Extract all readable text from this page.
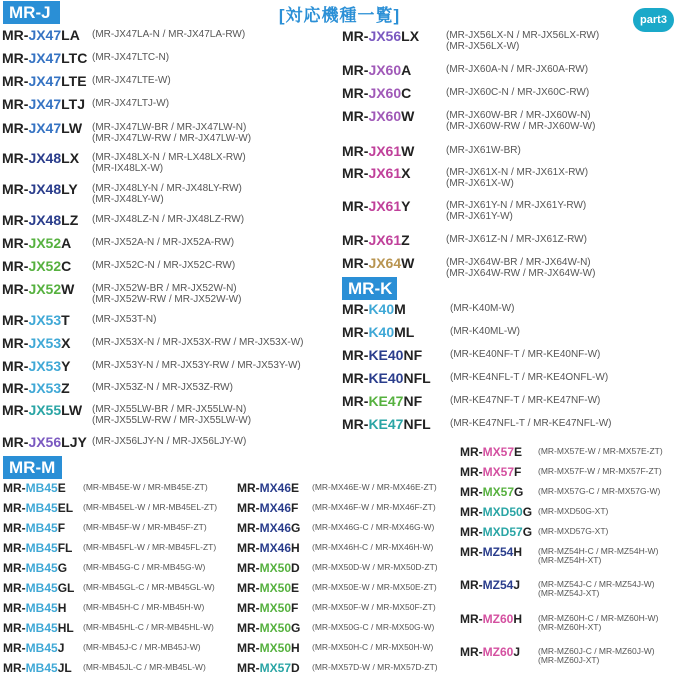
[対応機種一覧]	part3
MR-J
MR-K
MR-M
MR-JX47LA (MR-JX47LA-N / MR-JX47LA-RW)
MR-JX47LTC (MR-JX47LTC-N)
MR-JX47LTE (MR-JX47LTE-W)
MR-JX47LTJ (MR-JX47LTJ-W)
MR-JX47LW (MR-JX47LW-BR / MR-JX47LW-N)
(MR-JX47LW-RW / MR-JX47LW-W)
MR-JX48LX (MR-JX48LX-N / MR-LX48LX-RW)
(MR-IX48LX-W)
MR-JX48LY (MR-JX48LY-N / MR-JX48LY-RW)
(MR-JX48LY-W)
MR-JX48LZ (MR-JX48LZ-N / MR-JX48LZ-RW)
MR-JX52A (MR-JX52A-N / MR-JX52A-RW)
MR-JX52C (MR-JX52C-N / MR-JX52C-RW)
MR-JX52W (MR-JX52W-BR / MR-JX52W-N)
(MR-JX52W-RW / MR-JX52W-W)
MR-JX53T (MR-JX53T-N)
MR-JX53X (MR-JX53X-N / MR-JX53X-RW / MR-JX53X-W)
MR-JX53Y (MR-JX53Y-N / MR-JX53Y-RW / MR-JX53Y-W)
MR-JX53Z (MR-JX53Z-N / MR-JX53Z-RW)
MR-JX55LW (MR-JX55LW-BR / MR-JX55LW-N)
(MR-JX55LW-RW / MR-JX55LW-W)
MR-JX56LJY (MR-JX56LJY-N / MR-JX56LJY-W)
MR-JX56LX	(MR-JX56LX-N / MR-JX56LX-RW)
(MR-JX56LX-W)
MR-JX60A	(MR-JX60A-N / MR-JX60A-RW)
MR-JX60C	(MR-JX60C-N / MR-JX60C-RW)
MR-JX60W	(MR-JX60W-BR / MR-JX60W-N)
(MR-JX60W-RW / MR-JX60W-W)
MR-JX61W	(MR-JX61W-BR)
MR-JX61X	(MR-JX61X-N / MR-JX61X-RW)
(MR-JX61X-W)
MR-JX61Y	(MR-JX61Y-N / MR-JX61Y-RW)
(MR-JX61Y-W)
MR-JX61Z	(MR-JX61Z-N / MR-JX61Z-RW)
MR-JX64W	(MR-JX64W-BR / MR-JX64W-N)
(MR-JX64W-RW / MR-JX64W-W)
MR-K40M	(MR-K40M-W)
MR-K40ML	(MR-K40ML-W)
MR-KE40NF	(MR-KE40NF-T / MR-KE40NF-W)
MR-KE40NFL (MR-KE4NFL-T / MR-KE4ONFL-W)
MR-KE47NF	(MR-KE47NF-T / MR-KE47NF-W)
MR-KE47NFL (MR-KE47NFL-T / MR-KE47NFL-W)
MR-MB45E (MR-MB45E-W / MR-MB45E-ZT)
MR-MB45EL (MR-MB45EL-W / MR-MB45EL-ZT)
MR-MB45F (MR-MB45F-W / MR-MB45F-ZT)
MR-MB45FL (MR-MB45FL-W / MR-MB45FL-ZT)
MR-MB45G (MR-MB45G-C / MR-MB45G-W)
MR-MB45GL (MR-MB45GL-C / MR-MB45GL-W)
MR-MB45H (MR-MB45H-C / MR-MB45H-W)
MR-MB45HL (MR-MB45HL-C / MR-MB45HL-W)
MR-MB45J (MR-MB45J-C / MR-MB45J-W)
MR-MB45JL (MR-MB45JL-C / MR-MB45L-W)
MR-MX46E (MR-MX46E-W / MR-MX46E-ZT)
MR-MX46F (MR-MX46F-W / MR-MX46F-ZT)
MR-MX46G (MR-MX46G-C / MR-MX46G-W)
MR-MX46H (MR-MX46H-C / MR-MX46H-W)
MR-MX50D (MR-MX50D-W / MR-MX50D-ZT)
MR-MX50E (MR-MX50E-W / MR-MX50E-ZT)
MR-MX50F (MR-MX50F-W / MR-MX50F-ZT)
MR-MX50G (MR-MX50G-C / MR-MX50G-W)
MR-MX50H (MR-MX50H-C / MR-MX50H-W)
MR-MX57D (MR-MX57D-W / MR-MX57D-ZT)
MR-MX57E (MR-MX57E-W / MR-MX57E-ZT)
MR-MX57F (MR-MX57F-W / MR-MX57F-ZT)
MR-MX57G (MR-MX57G-C / MR-MX57G-W)
MR-MXD50G (MR-MXD50G-XT)
MR-MXD57G (MR-MXD57G-XT)
MR-MZ54H (MR-MZ54H-C / MR-MZ54H-W)
(MR-MZ54H-XT)
MR-MZ54J (MR-MZ54J-C / MR-MZ54J-W)
(MR-MZ54J-XT)
MR-MZ60H (MR-MZ60H-C / MR-MZ60H-W)
(MR-MZ60H-XT)
MR-MZ60J (MR-MZ60J-C / MR-MZ60J-W)
(MR-MZ60J-XT)
